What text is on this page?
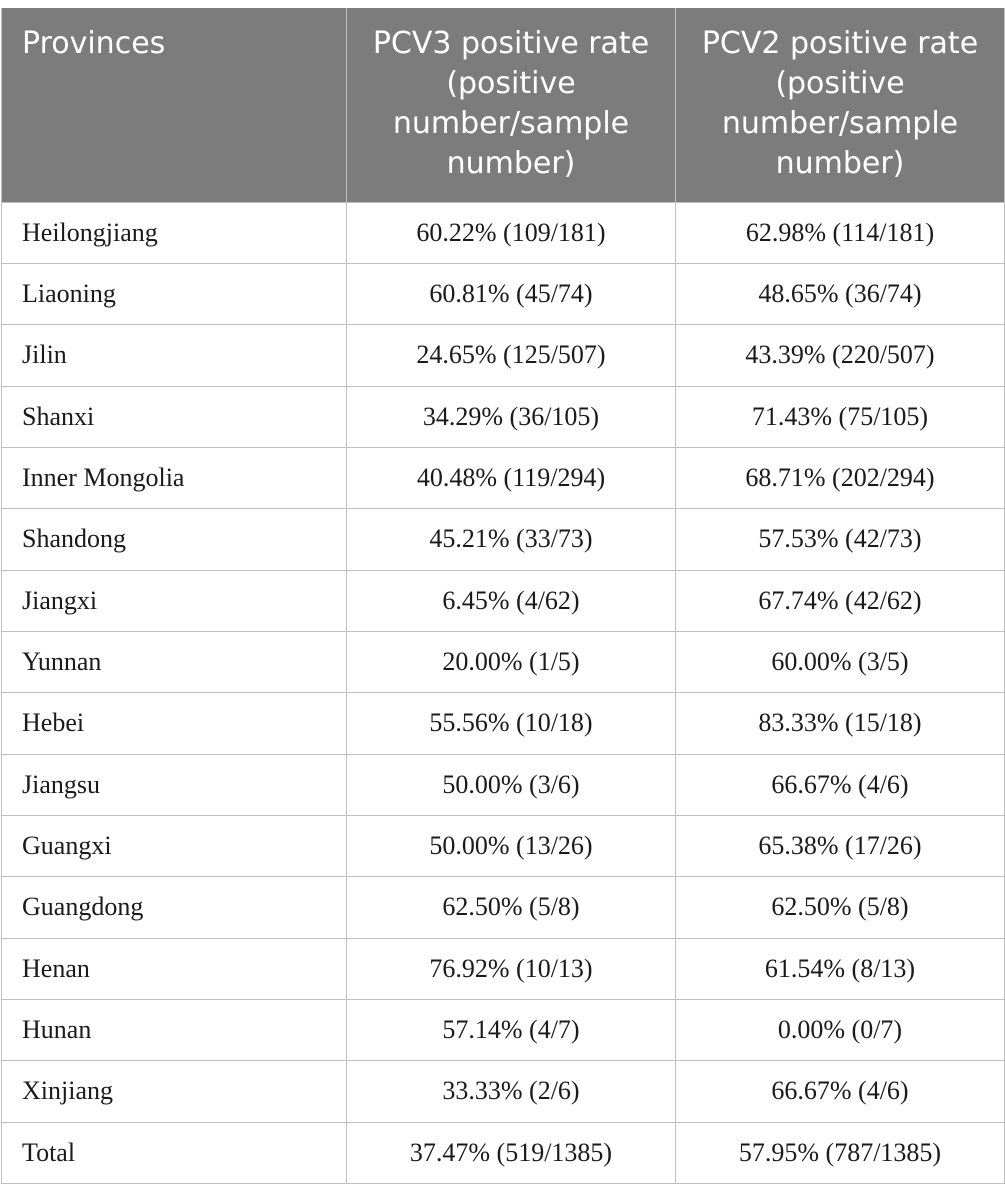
Provinces	PCV3 positive rate (positive number/sample number)	PCV2 positive rate (positive number/sample number)
Heilongjiang	60.22% (109/181)	62.98% (114/181)
Liaoning	60.81% (45/74)	48.65% (36/74)
Jilin	24.65% (125/507)	43.39% (220/507)
Shanxi	34.29% (36/105)	71.43% (75/105)
Inner Mongolia	40.48% (119/294)	68.71% (202/294)
Shandong	45.21% (33/73)	57.53% (42/73)
Jiangxi	6.45% (4/62)	67.74% (42/62)
Yunnan	20.00% (1/5)	60.00% (3/5)
Hebei	55.56% (10/18)	83.33% (15/18)
Jiangsu	50.00% (3/6)	66.67% (4/6)
Guangxi	50.00% (13/26)	65.38% (17/26)
Guangdong	62.50% (5/8)	62.50% (5/8)
Henan	76.92% (10/13)	61.54% (8/13)
Hunan	57.14% (4/7)	0.00% (0/7)
Xinjiang	33.33% (2/6)	66.67% (4/6)
Total	37.47% (519/1385)	57.95% (787/1385)
